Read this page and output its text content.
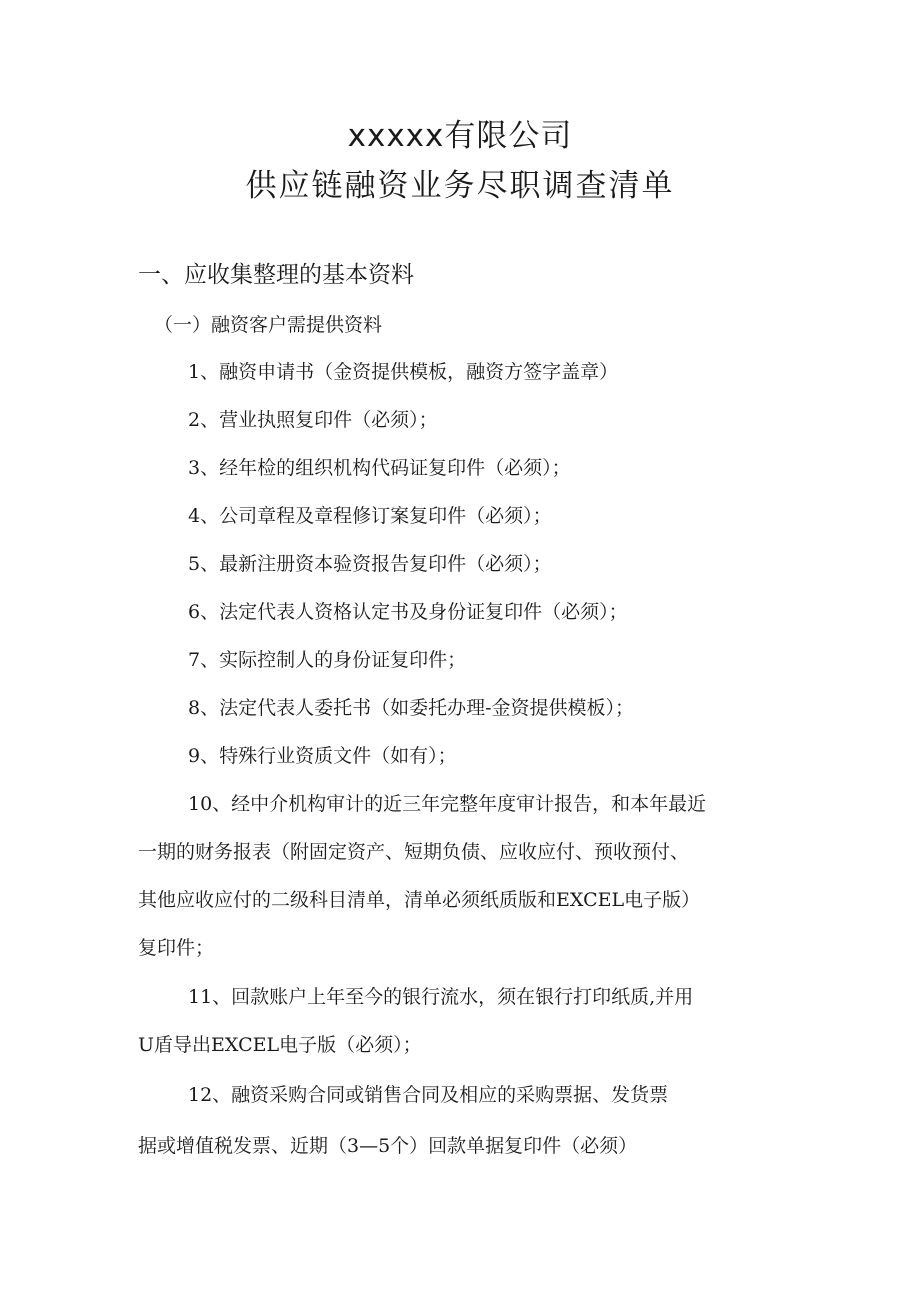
xxxxx有限公司
供应链融资业务尽职调查清单
一、应收集整理的基本资料
（一）融资客户需提供资料
1、融资申请书（金资提供模板，融资方签字盖章）
2、营业执照复印件（必须）；
3、经年检的组织机构代码证复印件（必须）；
4、公司章程及章程修订案复印件（必须）；
5、最新注册资本验资报告复印件（必须）；
6、法定代表人资格认定书及身份证复印件（必须）；
7、实际控制人的身份证复印件；
8、法定代表人委托书（如委托办理-金资提供模板）；
9、特殊行业资质文件（如有）；
10、经中介机构审计的近三年完整年度审计报告，和本年最近
一期的财务报表（附固定资产、短期负债、应收应付、预收预付、
其他应收应付的二级科目清单，清单必须纸质版和EXCEL电子版）
复印件；
11、回款账户上年至今的银行流水，须在银行打印纸质,并用
U盾导出EXCEL电子版（必须）；
12、融资采购合同或销售合同及相应的采购票据、发货票
据或增值税发票、近期（3—5个）回款单据复印件（必须）
